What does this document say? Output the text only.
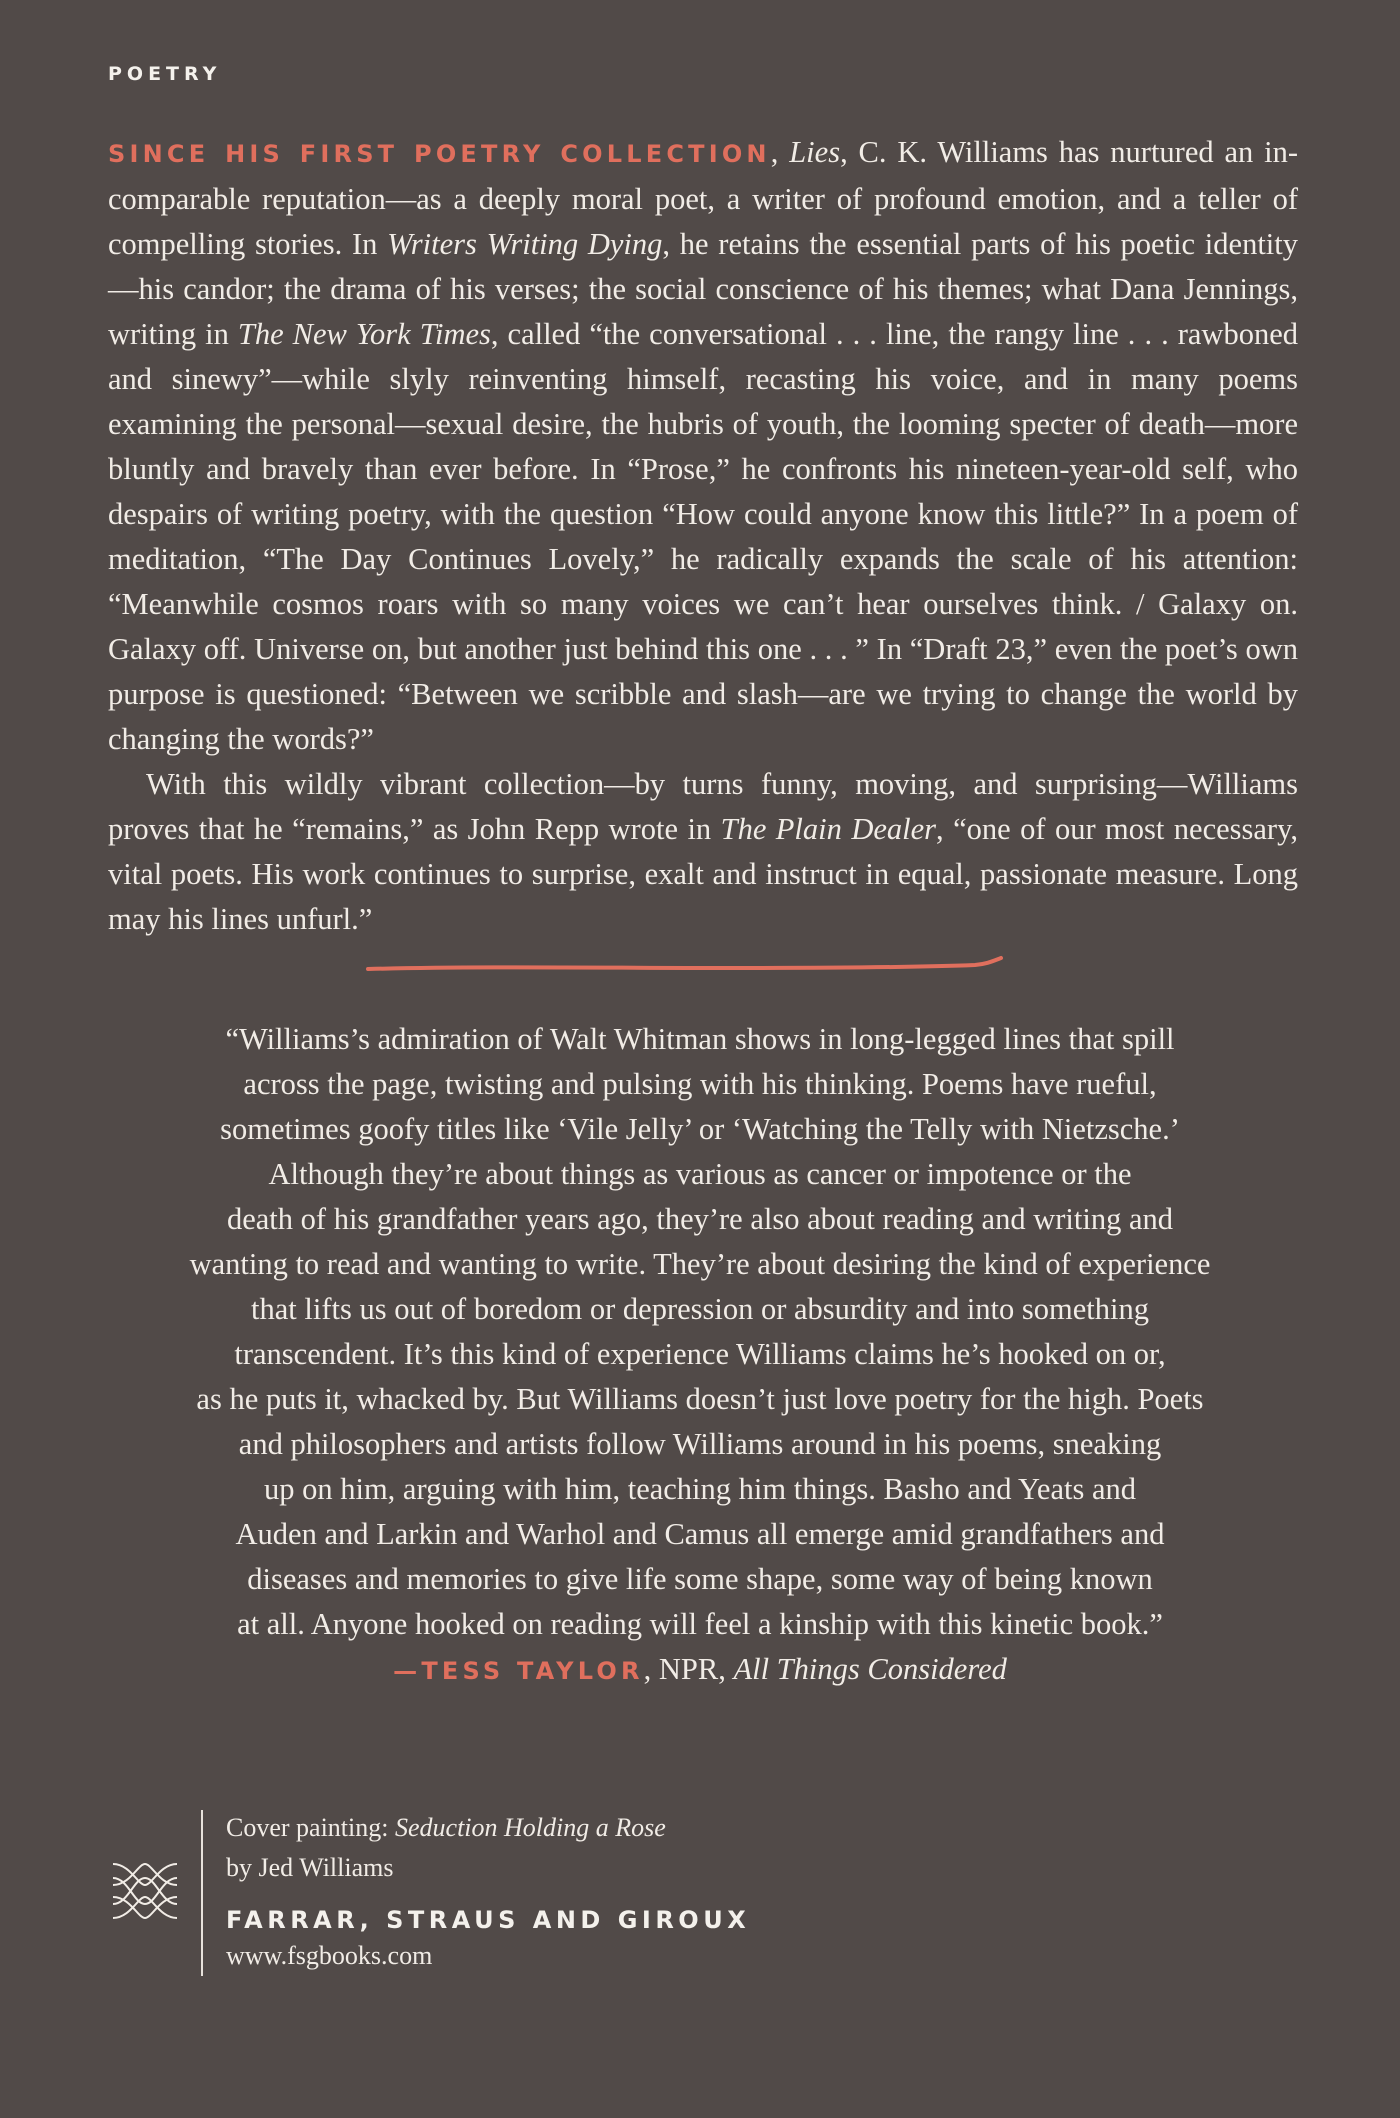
POETRY

SINCE HIS FIRST POETRY COLLECTION, Lies, C. K. Williams has nurtured an incomparable reputation—as a deeply moral poet, a writer of profound emotion, and a teller of compelling stories. In Writers Writing Dying, he retains the essential parts of his poetic identity—his candor; the drama of his verses; the social conscience of his themes; what Dana Jennings, writing in The New York Times, called “the conversational . . . line, the rangy line . . . rawboned and sinewy”—while slyly reinventing himself, recasting his voice, and in many poems examining the personal—sexual desire, the hubris of youth, the looming specter of death—more bluntly and bravely than ever before. In “Prose,” he confronts his nineteen-year-old self, who despairs of writing poetry, with the question “How could anyone know this little?” In a poem of meditation, “The Day Continues Lovely,” he radically expands the scale of his attention: “Meanwhile cosmos roars with so many voices we can’t hear ourselves think. / Galaxy on. Galaxy off. Universe on, but another just behind this one . . . ” In “Draft 23,” even the poet’s own purpose is questioned: “Between we scribble and slash—are we trying to change the world by changing the words?”

With this wildly vibrant collection—by turns funny, moving, and surprising—Williams proves that he “remains,” as John Repp wrote in The Plain Dealer, “one of our most necessary, vital poets. His work continues to surprise, exalt and instruct in equal, passionate measure. Long may his lines unfurl.”

“Williams’s admiration of Walt Whitman shows in long-legged lines that spill
across the page, twisting and pulsing with his thinking. Poems have rueful,
sometimes goofy titles like ‘Vile Jelly’ or ‘Watching the Telly with Nietzsche.’
Although they’re about things as various as cancer or impotence or the
death of his grandfather years ago, they’re also about reading and writing and
wanting to read and wanting to write. They’re about desiring the kind of experience
that lifts us out of boredom or depression or absurdity and into something
transcendent. It’s this kind of experience Williams claims he’s hooked on or,
as he puts it, whacked by. But Williams doesn’t just love poetry for the high. Poets
and philosophers and artists follow Williams around in his poems, sneaking
up on him, arguing with him, teaching him things. Basho and Yeats and
Auden and Larkin and Warhol and Camus all emerge amid grandfathers and
diseases and memories to give life some shape, some way of being known
at all. Anyone hooked on reading will feel a kinship with this kinetic book.”
—TESS TAYLOR, NPR, All Things Considered
Cover painting: Seduction Holding a Rose
by Jed Williams
FARRAR, STRAUS AND GIROUX
www.fsgbooks.com
